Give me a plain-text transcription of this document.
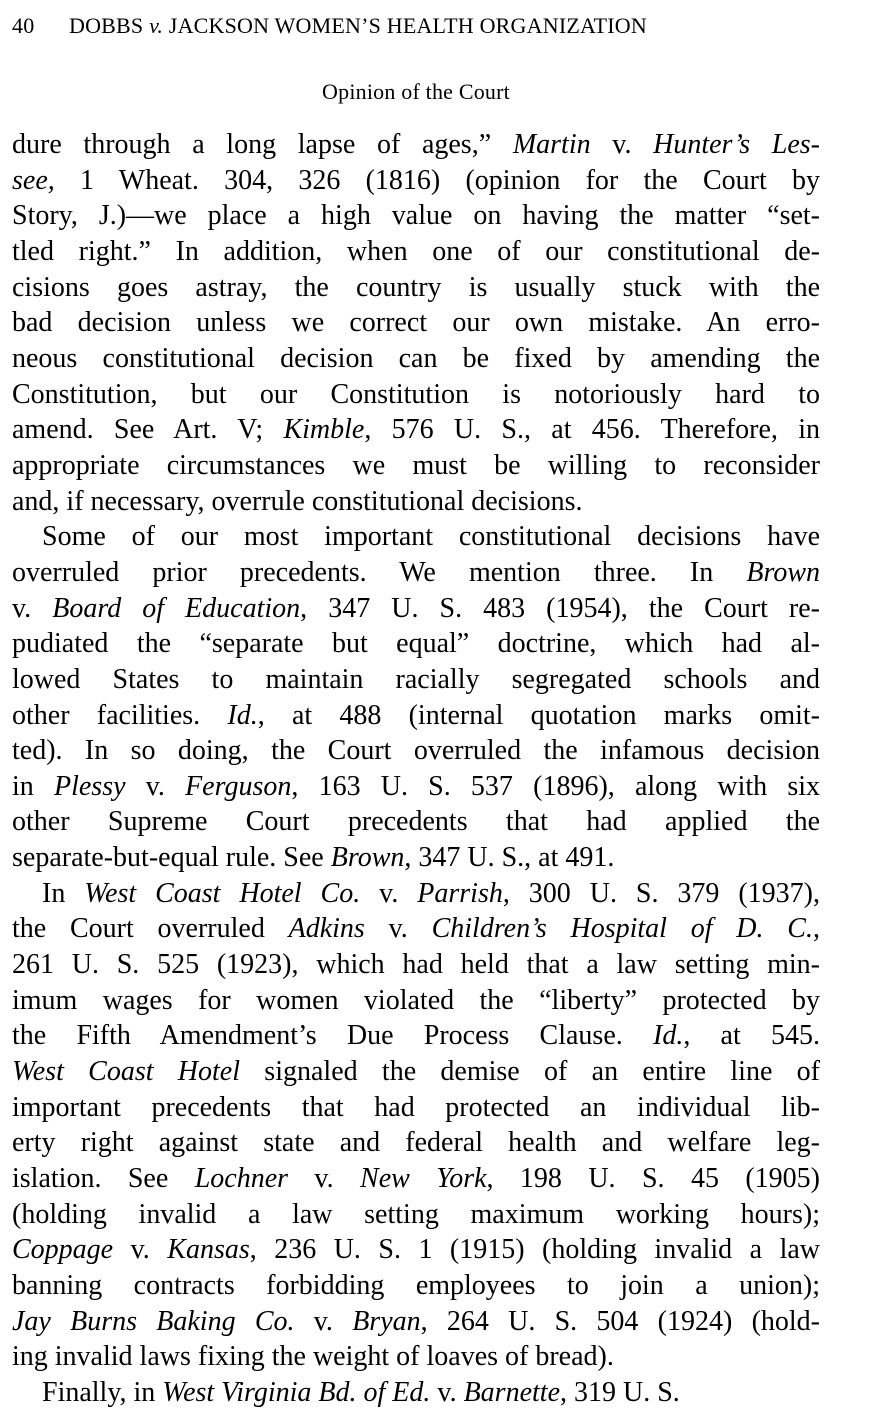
40 DOBBS v. JACKSON WOMEN’S HEALTH ORGANIZATION
Opinion of the Court
dure through a long lapse of ages,” Martin v. Hunter’s Les-
see, 1 Wheat. 304, 326 (1816) (opinion for the Court by
Story, J.)—we place a high value on having the matter “set-
tled right.” In addition, when one of our constitutional de-
cisions goes astray, the country is usually stuck with the
bad decision unless we correct our own mistake. An erro-
neous constitutional decision can be fixed by amending the
Constitution, but our Constitution is notoriously hard to
amend. See Art. V; Kimble, 576 U. S., at 456. Therefore, in
appropriate circumstances we must be willing to reconsider
and, if necessary, overrule constitutional decisions.
Some of our most important constitutional decisions have
overruled prior precedents. We mention three. In Brown
v. Board of Education, 347 U. S. 483 (1954), the Court re-
pudiated the “separate but equal” doctrine, which had al-
lowed States to maintain racially segregated schools and
other facilities. Id., at 488 (internal quotation marks omit-
ted). In so doing, the Court overruled the infamous decision
in Plessy v. Ferguson, 163 U. S. 537 (1896), along with six
other Supreme Court precedents that had applied the
separate-but-equal rule. See Brown, 347 U. S., at 491.
In West Coast Hotel Co. v. Parrish, 300 U. S. 379 (1937),
the Court overruled Adkins v. Children’s Hospital of D. C.,
261 U. S. 525 (1923), which had held that a law setting min-
imum wages for women violated the “liberty” protected by
the Fifth Amendment’s Due Process Clause. Id., at 545.
West Coast Hotel signaled the demise of an entire line of
important precedents that had protected an individual lib-
erty right against state and federal health and welfare leg-
islation. See Lochner v. New York, 198 U. S. 45 (1905)
(holding invalid a law setting maximum working hours);
Coppage v. Kansas, 236 U. S. 1 (1915) (holding invalid a law
banning contracts forbidding employees to join a union);
Jay Burns Baking Co. v. Bryan, 264 U. S. 504 (1924) (hold-
ing invalid laws fixing the weight of loaves of bread).
Finally, in West Virginia Bd. of Ed. v. Barnette, 319 U. S.
